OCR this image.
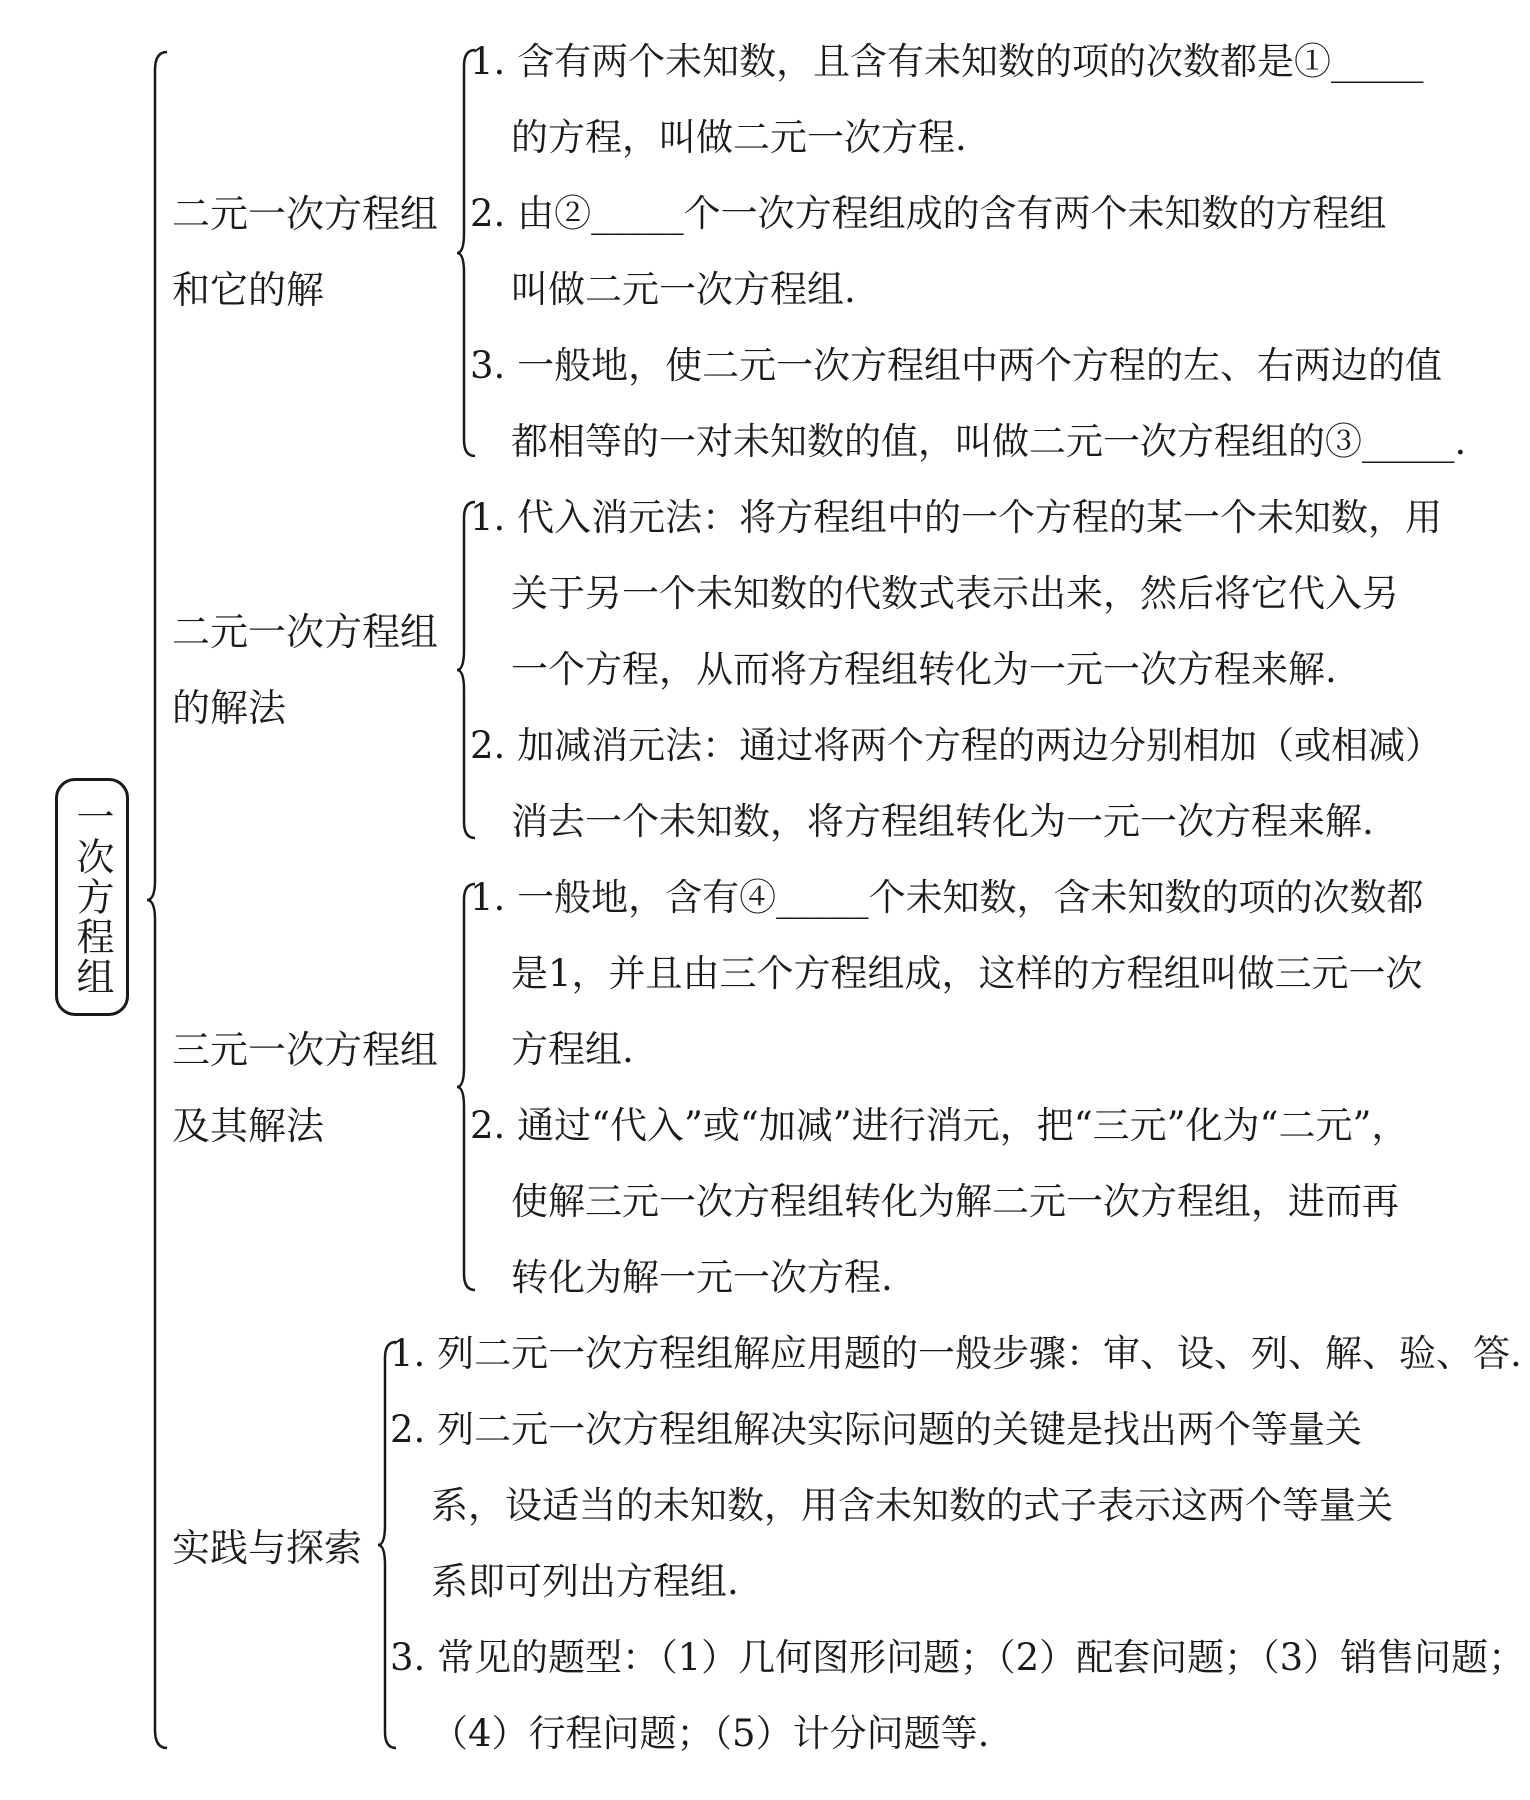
一次方程组
二元一次方程组
和它的解
1. 含有两个未知数，且含有未知数的项的次数都是①_____
的方程，叫做二元一次方程.
2. 由②_____个一次方程组成的含有两个未知数的方程组
叫做二元一次方程组.
3. 一般地，使二元一次方程组中两个方程的左、右两边的值
都相等的一对未知数的值，叫做二元一次方程组的③_____.
二元一次方程组
的解法
1. 代入消元法：将方程组中的一个方程的某一个未知数，用
关于另一个未知数的代数式表示出来，然后将它代入另
一个方程，从而将方程组转化为一元一次方程来解.
2. 加减消元法：通过将两个方程的两边分别相加（或相减）
消去一个未知数，将方程组转化为一元一次方程来解.
三元一次方程组
及其解法
1. 一般地，含有④_____个未知数，含未知数的项的次数都
是1，并且由三个方程组成，这样的方程组叫做三元一次
方程组.
2. 通过“代入”或“加减”进行消元，把“三元”化为“二元”，
使解三元一次方程组转化为解二元一次方程组，进而再
转化为解一元一次方程.
实践与探索
1. 列二元一次方程组解应用题的一般步骤：审、设、列、解、验、答.
2. 列二元一次方程组解决实际问题的关键是找出两个等量关
系，设适当的未知数，用含未知数的式子表示这两个等量关
系即可列出方程组.
3. 常见的题型：（1）几何图形问题；（2）配套问题；（3）销售问题；
（4）行程问题；（5）计分问题等.
